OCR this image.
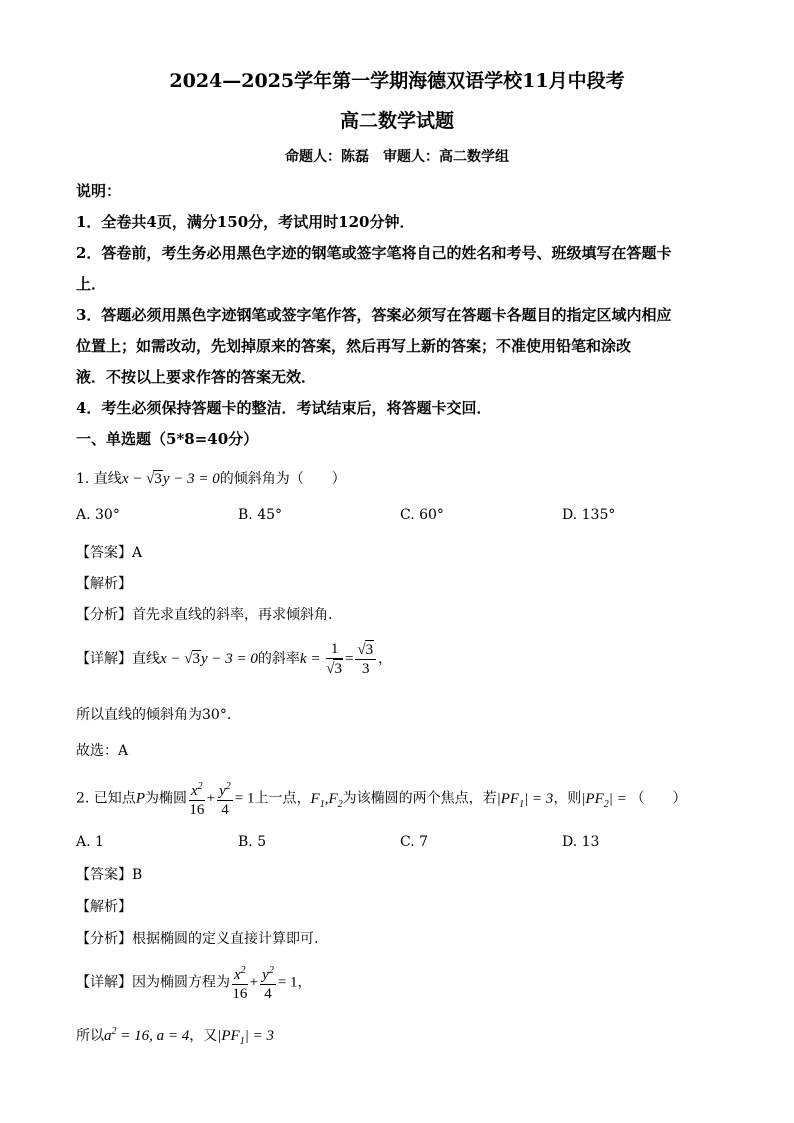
2024—2025学年第一学期海德双语学校11月中段考
高二数学试题
命题人：陈磊　审题人：高二数学组
说明：
1．全卷共4页，满分150分，考试用时120分钟．
2．答卷前，考生务必用黑色字迹的钢笔或签字笔将自己的姓名和考号、班级填写在答题卡
上．
3．答题必须用黑色字迹钢笔或签字笔作答，答案必须写在答题卡各题目的指定区域内相应
位置上；如需改动，先划掉原来的答案，然后再写上新的答案；不准使用铅笔和涂改
液．不按以上要求作答的答案无效．
4．考生必须保持答题卡的整洁．考试结束后，将答题卡交回．
一、单选题（5*8=40分）
1. 直线x − √3y − 3 = 0的倾斜角为（　　）
A. 30°	B. 45°	C. 60°	D. 135°
【答案】A
【解析】
【分析】首先求直线的斜率，再求倾斜角.
【详解】直线x − √3y − 3 = 0的斜率$k = \frac{1}{√3} = \frac{√3}{3}$ ，
所以直线的倾斜角为30°.
故选：A
2. 已知点P为椭圆 $\frac{x^2}{16} + \frac{y^2}{4} = 1$上一点，$F_1,F_2$为该椭圆的两个焦点，若$|PF_1| = 3$，则$|PF_2|$ = （　　）
A. 1	B. 5	C. 7	D. 13
【答案】B
【解析】
【分析】根据椭圆的定义直接计算即可.
【详解】因为椭圆方程为 $\frac{x^2}{16} + \frac{y^2}{4} = 1$，
所以$a^2 = 16$, a = 4，又$|PF_1| = 3$
